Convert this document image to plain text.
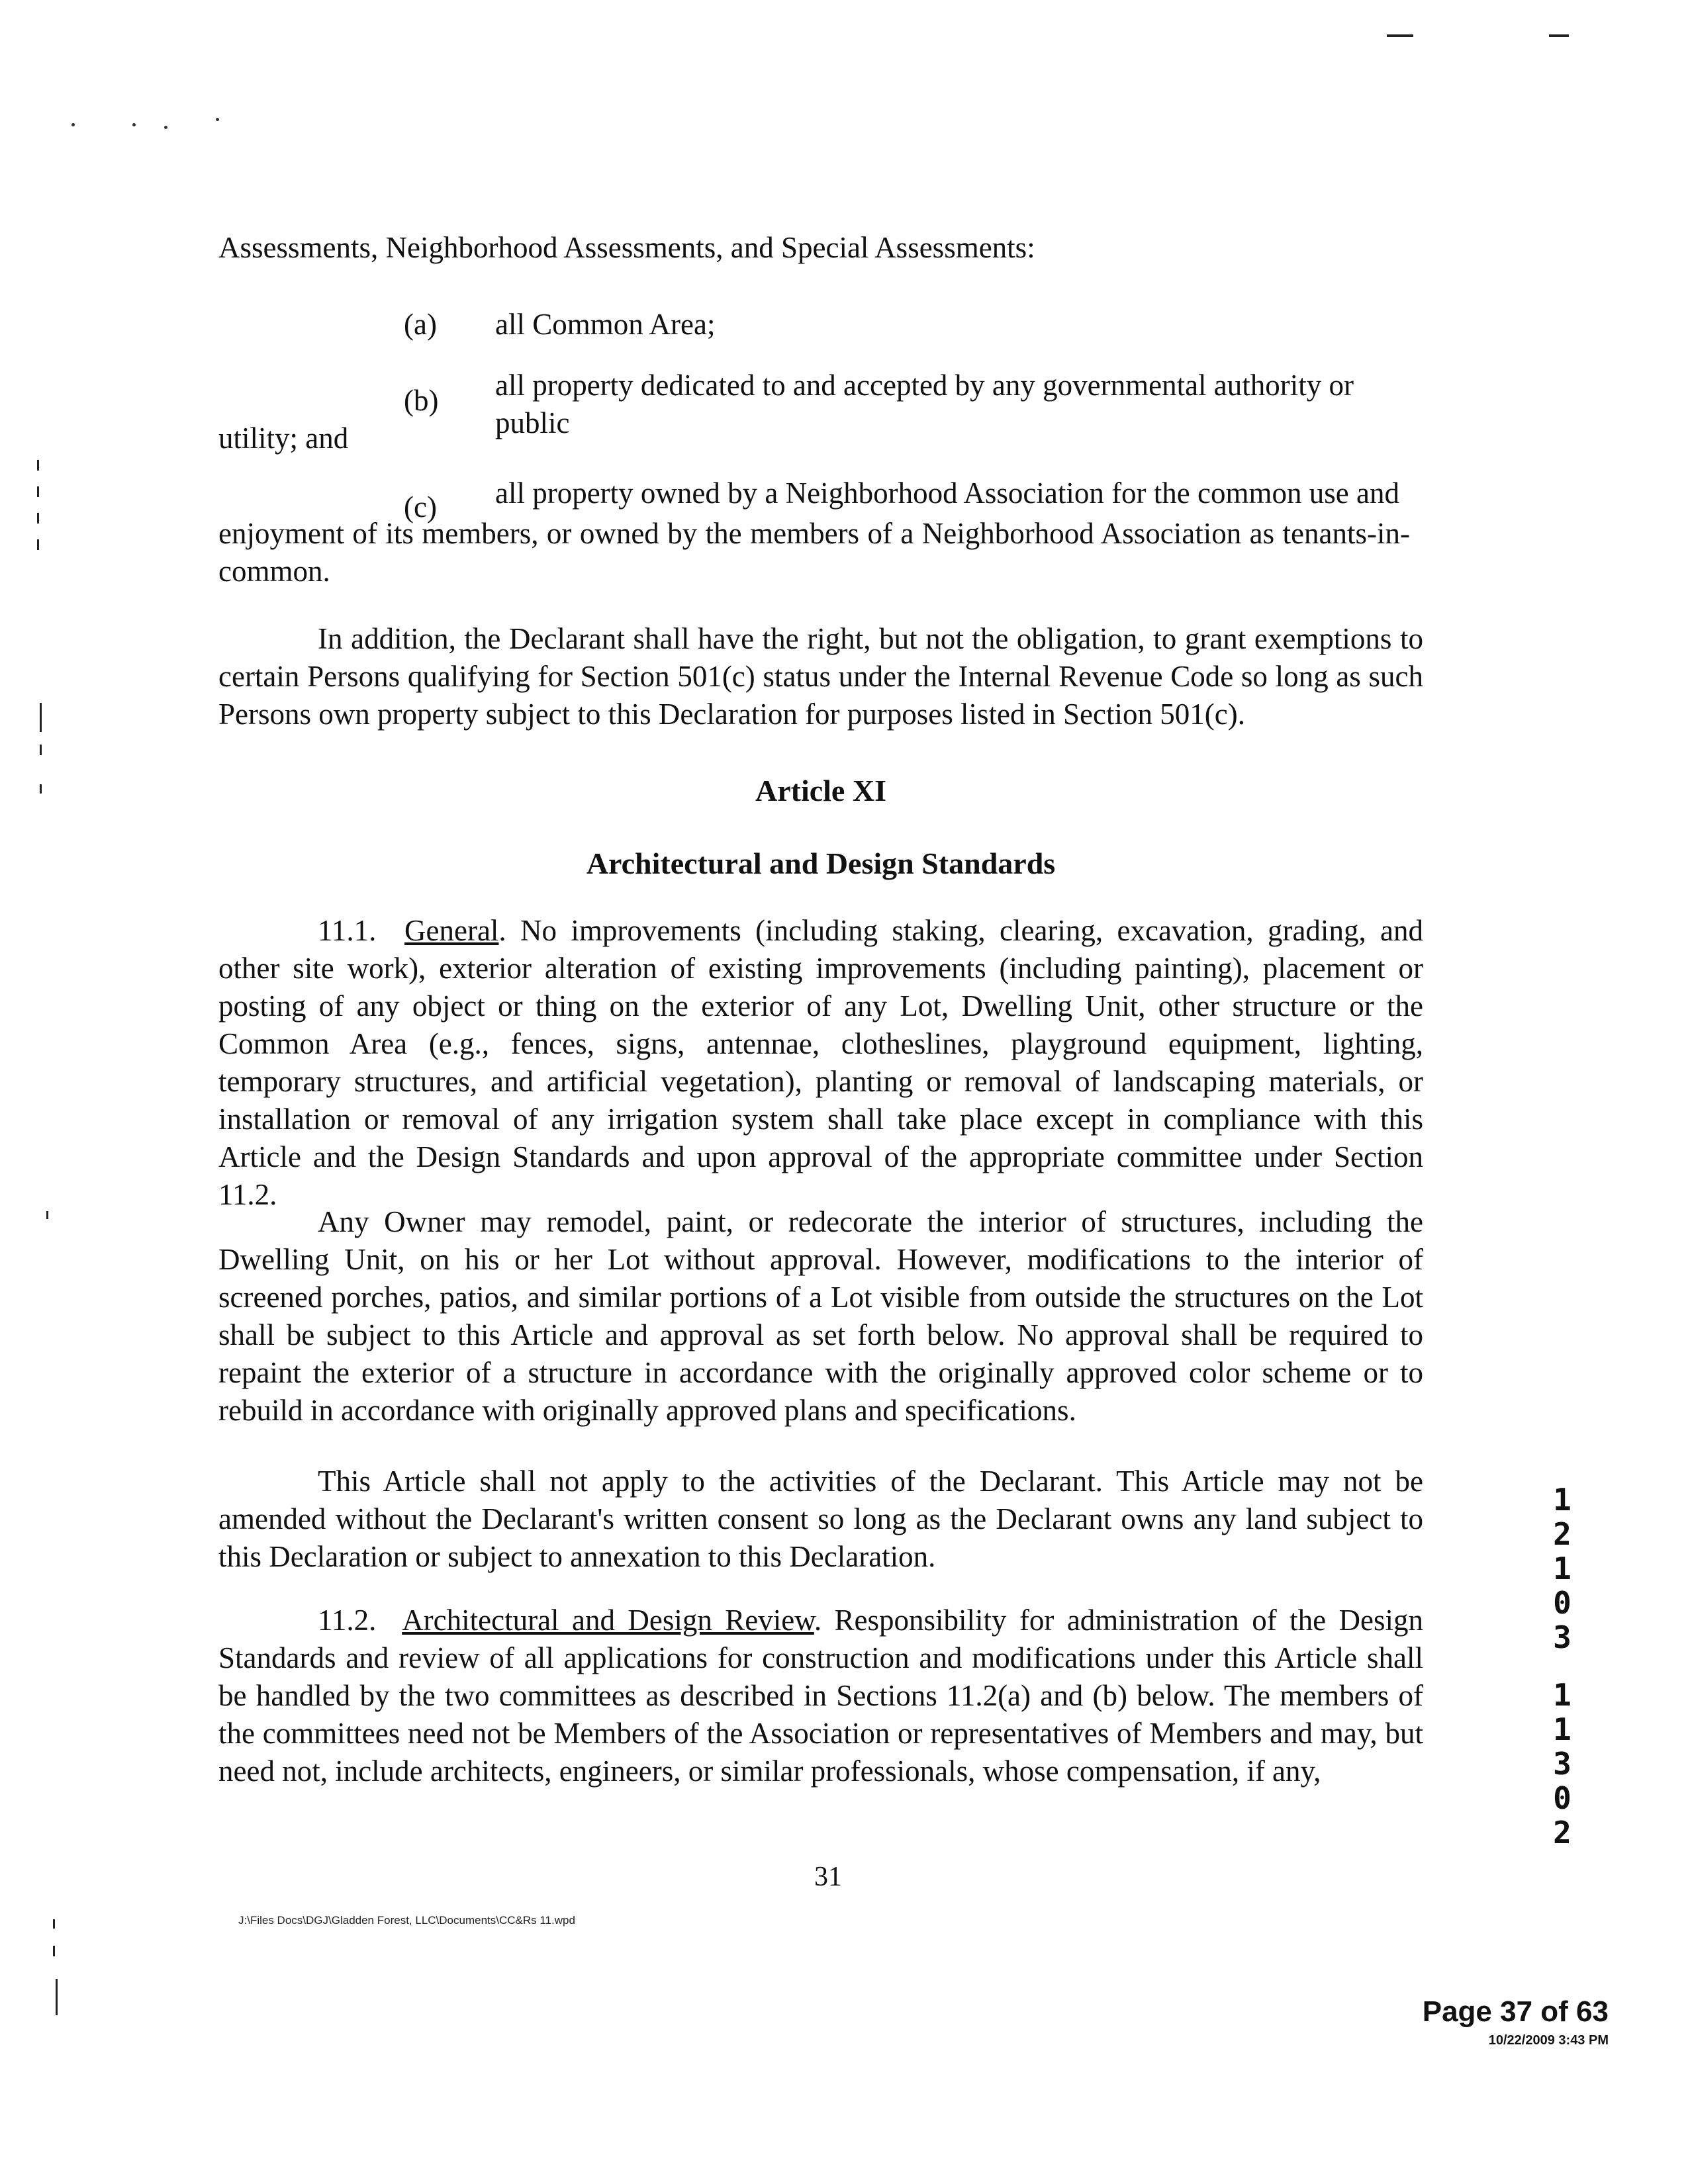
Assessments, Neighborhood Assessments, and Special Assessments:
(a) all Common Area;
(b) all property dedicated to and accepted by any governmental authority or public
utility; and
(c) all property owned by a Neighborhood Association for the common use and
enjoyment of its members, or owned by the members of a Neighborhood Association as tenants-in-common.
In addition, the Declarant shall have the right, but not the obligation, to grant exemptions to certain Persons qualifying for Section 501(c) status under the Internal Revenue Code so long as such Persons own property subject to this Declaration for purposes listed in Section 501(c).
Article XI
Architectural and Design Standards
11.1. General. No improvements (including staking, clearing, excavation, grading, and other site work), exterior alteration of existing improvements (including painting), placement or posting of any object or thing on the exterior of any Lot, Dwelling Unit, other structure or the Common Area (e.g., fences, signs, antennae, clotheslines, playground equipment, lighting, temporary structures, and artificial vegetation), planting or removal of landscaping materials, or installation or removal of any irrigation system shall take place except in compliance with this Article and the Design Standards and upon approval of the appropriate committee under Section 11.2.
Any Owner may remodel, paint, or redecorate the interior of structures, including the Dwelling Unit, on his or her Lot without approval. However, modifications to the interior of screened porches, patios, and similar portions of a Lot visible from outside the structures on the Lot shall be subject to this Article and approval as set forth below. No approval shall be required to repaint the exterior of a structure in accordance with the originally approved color scheme or to rebuild in accordance with originally approved plans and specifications.
This Article shall not apply to the activities of the Declarant. This Article may not be amended without the Declarant's written consent so long as the Declarant owns any land subject to this Declaration or subject to annexation to this Declaration.
11.2. Architectural and Design Review. Responsibility for administration of the Design Standards and review of all applications for construction and modifications under this Article shall be handled by the two committees as described in Sections 11.2(a) and (b) below. The members of the committees need not be Members of the Association or representatives of Members and may, but need not, include architects, engineers, or similar professionals, whose compensation, if any,
1
2
1
0
3
1
1
3
0
2
31
J:\Files Docs\DGJ\Gladden Forest, LLC\Documents\CC&Rs 11.wpd
Page 37 of 63
10/22/2009 3:43 PM
